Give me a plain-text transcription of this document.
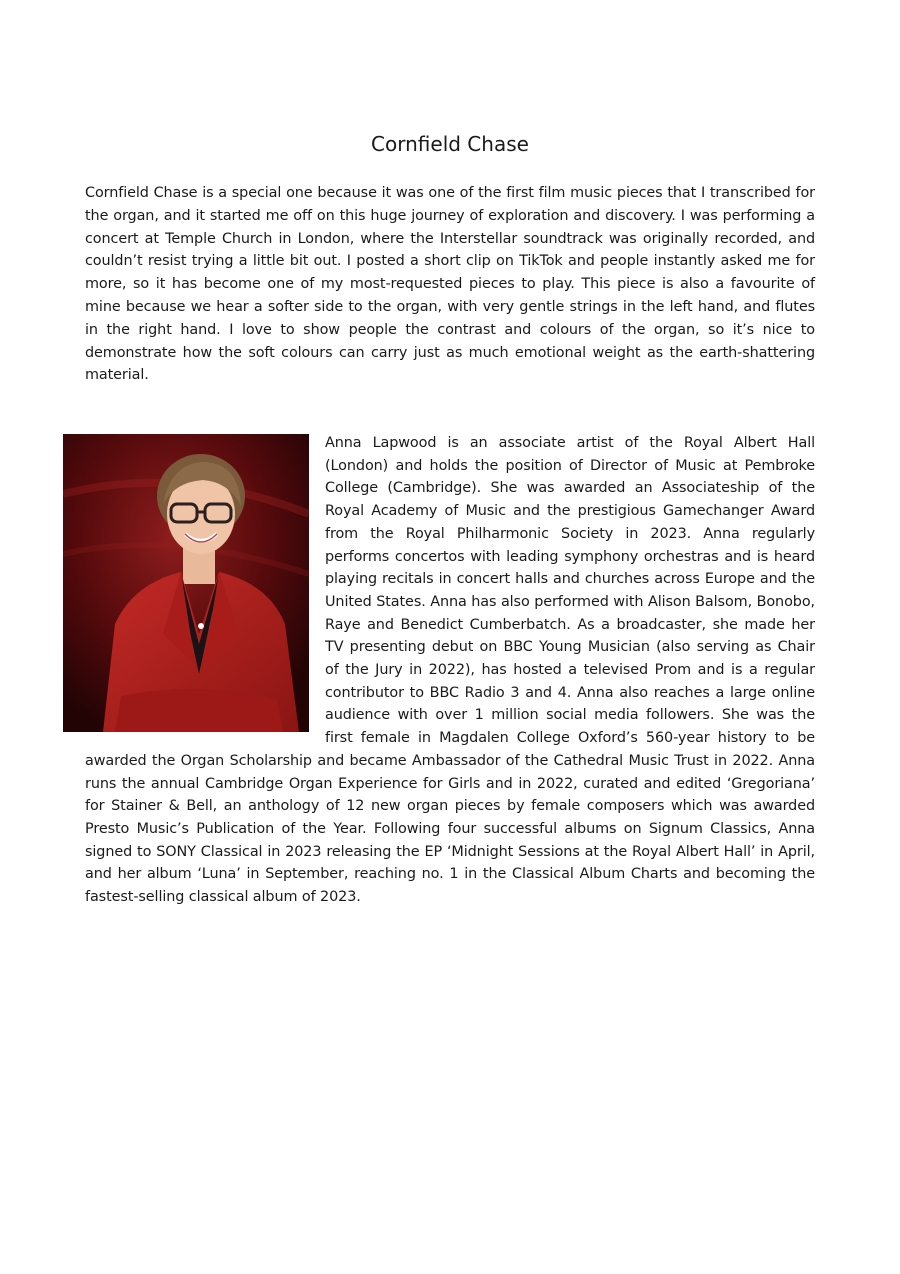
Cornfield Chase

Cornfield Chase is a special one because it was one of the first film music pieces that I transcribed for the organ, and it started me off on this huge journey of exploration and discovery. I was performing a concert at Temple Church in London, where the Interstellar soundtrack was originally recorded, and couldn’t resist trying a little bit out. I posted a short clip on TikTok and people instantly asked me for more, so it has become one of my most-requested pieces to play. This piece is also a favourite of mine because we hear a softer side to the organ, with very gentle strings in the left hand, and flutes in the right hand. I love to show people the contrast and colours of the organ, so it’s nice to demonstrate how the soft colours can carry just as much emotional weight as the earth-shattering material.

Anna Lapwood is an associate artist of the Royal Albert Hall (London) and holds the position of Director of Music at Pembroke College (Cambridge). She was awarded an Associateship of the Royal Academy of Music and the prestigious Gamechanger Award from the Royal Philharmonic Society in 2023. Anna regularly performs concertos with leading symphony orchestras and is heard playing recitals in concert halls and churches across Europe and the United States. Anna has also performed with Alison Balsom, Bonobo, Raye and Benedict Cumberbatch. As a broadcaster, she made her TV presenting debut on BBC Young Musician (also serving as Chair of the Jury in 2022), has hosted a televised Prom and is a regular contributor to BBC Radio 3 and 4. Anna also reaches a large online audience with over 1 million social media followers. She was the first female in Magdalen College Oxford’s 560-year history to be awarded the Organ Scholarship and became Ambassador of the Cathedral Music Trust in 2022. Anna runs the annual Cambridge Organ Experience for Girls and in 2022, curated and edited ‘Gregoriana’ for Stainer & Bell, an anthology of 12 new organ pieces by female composers which was awarded Presto Music’s Publication of the Year. Following four successful albums on Signum Classics, Anna signed to SONY Classical in 2023 releasing the EP ‘Midnight Sessions at the Royal Albert Hall’ in April, and her album ‘Luna’ in September, reaching no. 1 in the Classical Album Charts and becoming the fastest-selling classical album of 2023.
